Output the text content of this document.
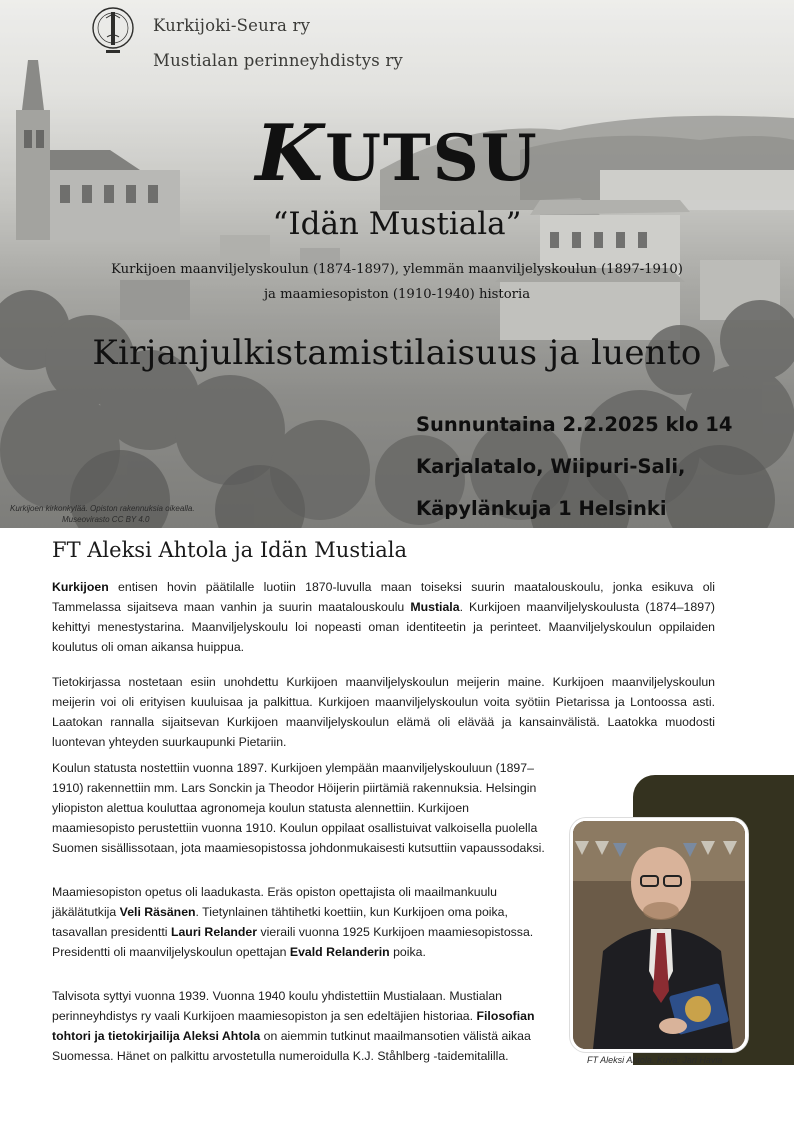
Kurkijoki-Seura ry
Mustialan perinneyhdistys ry
KUTSU
“Idän Mustiala”
Kurkijoen maanviljelyskoulun (1874-1897), ylemmän maanviljelyskoulun (1897-1910) ja maamiesopiston (1910-1940) historia
Kirjanjulkistamistilaisuus ja luento
Sunnuntaina 2.2.2025 klo 14
Karjalatalo, Wiipuri-Sali,
Käpylänkuja 1 Helsinki
Kurkijoen kirkonkylää. Opiston rakennuksia oikealla.
Museovirasto CC BY 4.0
FT Aleksi Ahtola ja Idän Mustiala
Kurkijoen entisen hovin päätilalle luotiin 1870-luvulla maan toiseksi suurin maatalouskoulu, jonka esikuva oli Tammelassa sijaitseva maan vanhin ja suurin maatalouskoulu Mustiala. Kurkijoen maanviljelyskoulusta (1874–1897) kehittyi menestystarina. Maanviljelyskoulu loi nopeasti oman identiteetin ja perinteet. Maanviljelyskoulun oppilaiden koulutus oli oman aikansa huippua.
Tietokirjassa nostetaan esiin unohdettu Kurkijoen maanviljelyskoulun meijerin maine. Kurkijoen maanviljelyskoulun meijerin voi oli erityisen kuuluisaa ja palkittua. Kurkijoen maanviljelyskoulun voita syötiin Pietarissa ja Lontoossa asti. Laatokan rannalla sijaitsevan Kurkijoen maanviljelyskoulun elämä oli elävää ja kansainvälistä. Laatokka muodosti luontevan yhteyden suurkaupunki Pietariin.
Koulun statusta nostettiin vuonna 1897. Kurkijoen ylempään maanviljelyskouluun (1897–1910) rakennettiin mm. Lars Sonckin ja Theodor Höijerin piirtämiä rakennuksia. Helsingin yliopiston alettua kouluttaa agronomeja koulun statusta alennettiin. Kurkijoen maamiesopisto perustettiin vuonna 1910. Koulun oppilaat osallistuivat valkoisella puolella Suomen sisällissotaan, jota maamiesopistossa johdonmukaisesti kutsuttiin vapaussodaksi.
Maamiesopiston opetus oli laadukasta. Eräs opiston opettajista oli maailmankuulu jäkälätutkija Veli Räsänen. Tietynlainen tähtihetki koettiin, kun Kurkijoen oma poika, tasavallan presidentti Lauri Relander vieraili vuonna 1925 Kurkijoen maamiesopistossa. Presidentti oli maanviljelyskoulun opettajan Evald Relanderin poika.
Talvisota syttyi vuonna 1939. Vuonna 1940 koulu yhdistettiin Mustialaan. Mustialan perinneyhdistys ry vaali Kurkijoen maamiesopiston ja sen edeltäjien historiaa. Filosofian tohtori ja tietokirjailija Aleksi Ahtola on aiemmin tutkinut maailmansotien välistä aikaa Suomessa. Hänet on palkittu arvostetulla numeroidulla K.J. Ståhlberg -taidemitalilla.	FT Aleksi Ahtola. Kuva: Jari Havia
